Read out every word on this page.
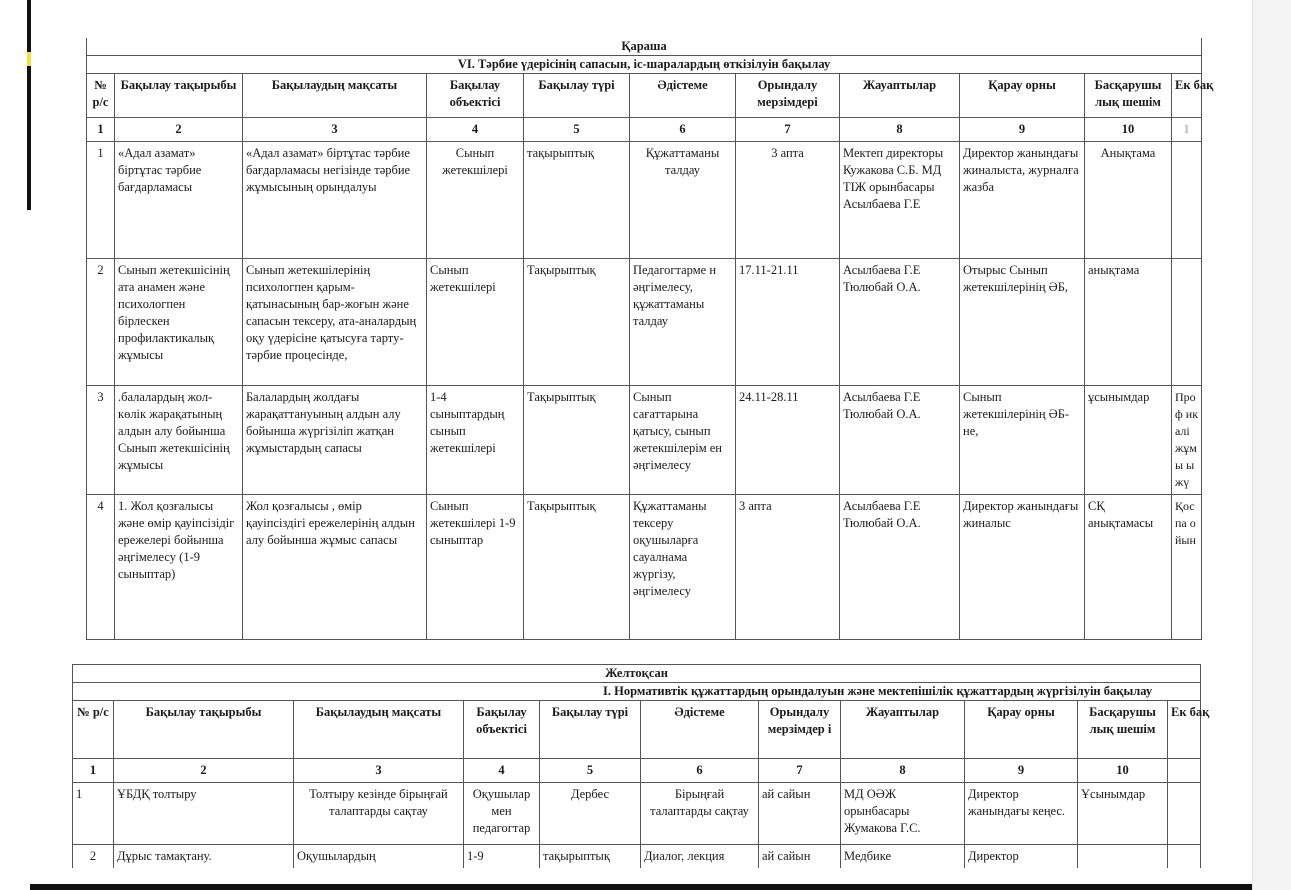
Қараша										
VI. Тәрбие үдерісінің сапасын, іс-шаралардың өткізілуін бақылау										
№ р/с	Бақылау тақырыбы	Бақылаудың мақсаты	Бақылау объектісі	Бақылау түрі	Әдістеме	Орындалу мерзімдері	Жауаптылар	Қарау орны	Басқарушы лық шешім	Ек бақ
1	2	3	4	5	6	7	8	9	10	1
1	«Адал азамат» біртұтас тәрбие бағдарламасы	«Адал азамат» біртұтас тәрбие бағдарламасы негізінде тәрбие жұмысының орындалуы	Сынып жетекшілері	тақырыптық	Құжаттаманы талдау	3 апта	Мектеп директоры Кужакова С.Б. МД ТІЖ орынбасары Асылбаева Г.Е	Директор жанындағы жиналыста, журналға жазба	Анықтама	
2	Сынып жетекшісінің ата анамен және психологпен бірлескен профилактикалық жұмысы	Сынып жетекшілерінің психологпен қарым-қатынасының бар-жоғын және сапасын тексеру, ата-аналардың оқу үдерісіне қатысуға тарту-тәрбие процесінде,	Сынып жетекшілері	Тақырыптық	Педагогтарме н әңгімелесу, құжаттаманы талдау	17.11-21.11	Асылбаева Г.Е Тюлюбай О.А.	Отырыс Сынып жетекшілерінің ӘБ,	анықтама	
3	.балалардың жол-көлік жарақатының алдын алу бойынша Сынып жетекшісінің жұмысы	Балалардың жолдағы жарақаттануының алдын алу бойынша жүргізіліп жатқан жұмыстардың сапасы	1-4 сыныптардың сынып жетекшілері	Тақырыптық	Сынып сағаттарына қатысу, сынып жетекшілерім ен әңгімелесу	24.11-28.11	Асылбаева Г.Е Тюлюбай О.А.	Сынып жетекшілерінің ӘБ-не,	ұсынымдар	Проф икалі жұмы ы жү
4	1. Жол қозғалысы және өмір қауіпсізідіг ережелері бойынша әңгімелесу (1-9 сыныптар)	Жол қозғалысы , өмір қауіпсіздігі ережелерінің алдын алу бойынша жұмыс сапасы	Сынып жетекшілері 1-9 сыныптар	Тақырыптық	Құжаттаманы тексеру оқушыларға сауалнама жүргізу, әңгімелесу	3 апта	Асылбаева Г.Е Тюлюбай О.А.	Директор жанындағы жиналыс	СҚ анықтамасы	Қоспа ойын
Желтоқсан										
I. Нормативтік құжаттардың орындалуын және мектепішілік құжаттардың жүргізілуін бақылау										
№ р/с	Бақылау тақырыбы	Бақылаудың мақсаты	Бақылау объектісі	Бақылау түрі	Әдістеме	Орындалу мерзімдер і	Жауаптылар	Қарау орны	Басқарушы лық шешім	Ек бақ
1	2	3	4	5	6	7	8	9	10	
1	ҰБДҚ толтыру	Толтыру кезінде бірыңғай талаптарды сақтау	Оқушылар мен педагогтар	Дербес	Бірыңғай талаптарды сақтау	ай сайын	МД ОӘЖ орынбасары Жумакова Г.С.	Директор жанындағы кеңес.	Ұсынымдар	
2	Дұрыс тамақтану.	Оқушылардың	1-9	тақырыптық	Диалог, лекция	ай сайын	Медбике	Директор		
